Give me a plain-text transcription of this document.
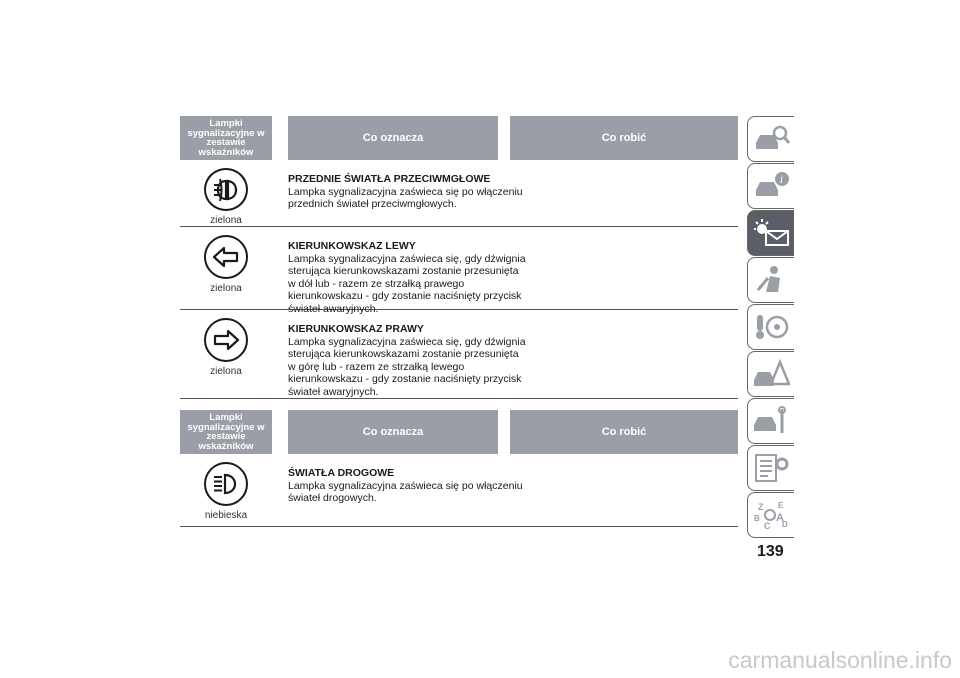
Lampki sygnalizacyjne w zestawie wskaźników
Co oznacza	Co robić
zielona
PRZEDNIE ŚWIATŁA PRZECIWMGŁOWE
Lampka sygnalizacyjna zaświeca się po włączeniu przednich świateł przeciwmgłowych.
zielona
KIERUNKOWSKAZ LEWY
Lampka sygnalizacyjna zaświeca się, gdy dźwignia sterująca kierunkowskazami zostanie przesunięta w dół lub - razem ze strzałką prawego kierunkowskazu - gdy zostanie naciśnięty przycisk świateł awaryjnych.
zielona
KIERUNKOWSKAZ PRAWY
Lampka sygnalizacyjna zaświeca się, gdy dźwignia sterująca kierunkowskazami zostanie przesunięta w górę lub - razem ze strzałką lewego kierunkowskazu - gdy zostanie naciśnięty przycisk świateł awaryjnych.
Lampki sygnalizacyjne w zestawie wskaźników
Co oznacza	Co robić
niebieska
ŚWIATŁA DROGOWE
Lampka sygnalizacyjna zaświeca się po włączeniu świateł drogowych.
i
Z E
B A
C D
139
carmanualsonline.info
